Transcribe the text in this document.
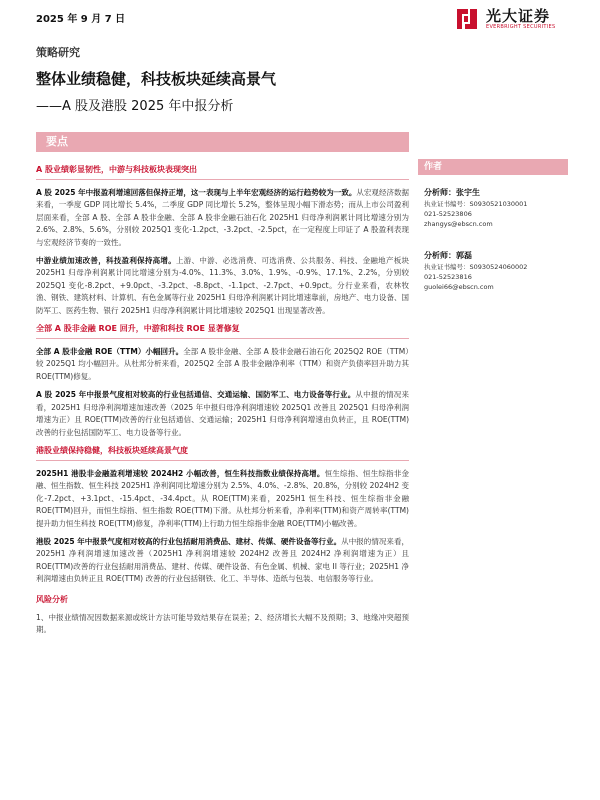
2025 年 9 月 7 日	光大证券
EVERBRIGHT SECURITIES
策略研究
整体业绩稳健，科技板块延续高景气
——A 股及港股 2025 年中报分析
要点
A 股业绩彰显韧性，中游与科技板块表现突出

A 股 2025 年中报盈利增速回落但保持正增，这一表现与上半年宏观经济的运行趋势较为一致。从宏观经济数据来看，一季度 GDP 同比增长 5.4%，二季度 GDP 同比增长 5.2%，整体呈现小幅下滑态势；而从上市公司盈利层面来看，全部 A 股、全部 A 股非金融、全部 A 股非金融石油石化 2025H1 归母净利润累计同比增速分别为 2.6%、2.8%、5.6%，分别较 2025Q1 变化-1.2pct、-3.2pct、-2.5pct，在一定程度上印证了 A 股盈利表现与宏观经济节奏的一致性。

中游业绩加速改善，科技盈利保持高增。上游、中游、必选消费、可选消费、公共服务、科技、金融地产板块 2025H1 归母净利润累计同比增速分别为-4.0%、11.3%、3.0%、1.9%、-0.9%、17.1%、2.2%，分别较 2025Q1 变化-8.2pct、+9.0pct、-3.2pct、-8.8pct、-1.1pct、-2.7pct、+0.9pct。分行业来看，农林牧渔、钢铁、建筑材料、计算机、有色金属等行业 2025H1 归母净利润累计同比增速靠前，房地产、电力设备、国防军工、医药生物、银行 2025H1 归母净利润累计同比增速较 2025Q1 出现显著改善。

全部 A 股非金融 ROE 回升，中游和科技 ROE 显著修复

全部 A 股非金融 ROE（TTM）小幅回升。全部 A 股非金融、全部 A 股非金融石油石化 2025Q2 ROE（TTM）较 2025Q1 均小幅回升。从杜邦分析来看，2025Q2 全部 A 股非金融净利率（TTM）和资产负债率回升助力其 ROE(TTM)修复。

A 股 2025 年中报景气度相对较高的行业包括通信、交通运输、国防军工、电力设备等行业。从中报的情况来看，2025H1 归母净利润增速加速改善（2025 年中报归母净利润增速较 2025Q1 改善且 2025Q1 归母净利润增速为正）且 ROE(TTM)改善的行业包括通信、交通运输；2025H1 归母净利润增速由负转正，且 ROE(TTM)改善的行业包括国防军工、电力设备等行业。

港股业绩保持稳健，科技板块延续高景气度

2025H1 港股非金融盈利增速较 2024H2 小幅改善，恒生科技指数业绩保持高增。恒生综指、恒生综指非金融、恒生指数、恒生科技 2025H1 净利润同比增速分别为 2.5%、4.0%、-2.8%、20.8%，分别较 2024H2 变化-7.2pct、+3.1pct、-15.4pct、-34.4pct。从 ROE(TTM)来看，2025H1 恒生科技、恒生综指非金融 ROE(TTM)回升，而恒生综指、恒生指数 ROE(TTM)下滑。从杜邦分析来看，净利率(TTM)和资产周转率(TTM)提升助力恒生科技 ROE(TTM)修复，净利率(TTM)上行助力恒生综指非金融 ROE(TTM)小幅改善。

港股 2025 年中报景气度相对较高的行业包括耐用消费品、建材、传媒、硬件设备等行业。从中报的情况来看，2025H1 净利润增速加速改善（2025H1 净利润增速较 2024H2 改善且 2024H2 净利润增速为正）且 ROE(TTM)改善的行业包括耐用消费品、建材、传媒、硬件设备、有色金属、机械、家电 II 等行业；2025H1 净利润增速由负转正且 ROE(TTM) 改善的行业包括钢铁、化工、半导体、造纸与包装、电信服务等行业。

风险分析

1、中报业绩情况因数据来源或统计方法可能导致结果存在误差；2、经济增长大幅不及预期；3、地缘冲突超预期。

作者
分析师：张宇生
执业证书编号：S0930521030001
021-52523806
zhangys@ebscn.com
分析师：郭磊
执业证书编号：S0930524060002
021-52523816
guolei66@ebscn.com
